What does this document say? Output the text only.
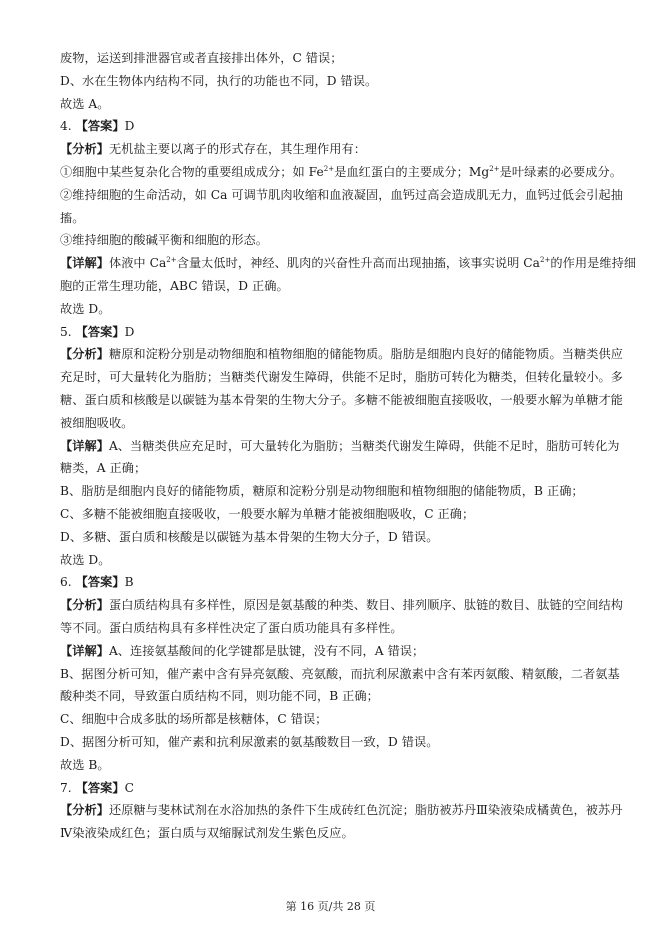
废物，运送到排泄器官或者直接排出体外，C 错误；
D、水在生物体内结构不同，执行的功能也不同，D 错误。
故选 A。
4. 【答案】D
【分析】无机盐主要以离子的形式存在，其生理作用有：
①细胞中某些复杂化合物的重要组成成分；如 $Fe^{2+}$是血红蛋白的主要成分；$Mg^{2+}$是叶绿素的必要成分。
②维持细胞的生命活动，如 Ca 可调节肌肉收缩和血液凝固，血钙过高会造成肌无力，血钙过低会引起抽
搐。
③维持细胞的酸碱平衡和细胞的形态。
【详解】体液中 $Ca^{2+}$含量太低时，神经、肌肉的兴奋性升高而出现抽搐，该事实说明 $Ca^{2+}$的作用是维持细
胞的正常生理功能，ABC 错误，D 正确。
故选 D。
5. 【答案】D
【分析】糖原和淀粉分别是动物细胞和植物细胞的储能物质。脂肪是细胞内良好的储能物质。当糖类供应
充足时，可大量转化为脂肪；当糖类代谢发生障碍，供能不足时，脂肪可转化为糖类，但转化量较小。多
糖、蛋白质和核酸是以碳链为基本骨架的生物大分子。多糖不能被细胞直接吸收，一般要水解为单糖才能
被细胞吸收。
【详解】A、当糖类供应充足时，可大量转化为脂肪；当糖类代谢发生障碍，供能不足时，脂肪可转化为
糖类，A 正确；
B、脂肪是细胞内良好的储能物质，糖原和淀粉分别是动物细胞和植物细胞的储能物质，B 正确；
C、多糖不能被细胞直接吸收，一般要水解为单糖才能被细胞吸收，C 正确；
D、多糖、蛋白质和核酸是以碳链为基本骨架的生物大分子，D 错误。
故选 D。
6. 【答案】B
【分析】蛋白质结构具有多样性，原因是氨基酸的种类、数目、排列顺序、肽链的数目、肽链的空间结构
等不同。蛋白质结构具有多样性决定了蛋白质功能具有多样性。
【详解】A、连接氨基酸间的化学键都是肽键，没有不同，A 错误；
B、据图分析可知，催产素中含有异亮氨酸、亮氨酸，而抗利尿激素中含有苯丙氨酸、精氨酸，二者氨基
酸种类不同，导致蛋白质结构不同，则功能不同，B 正确；
C、细胞中合成多肽的场所都是核糖体，C 错误；
D、据图分析可知，催产素和抗利尿激素的氨基酸数目一致，D 错误。
故选 B。
7. 【答案】C
【分析】还原糖与斐林试剂在水浴加热的条件下生成砖红色沉淀；脂肪被苏丹Ⅲ染液染成橘黄色，被苏丹
Ⅳ染液染成红色；蛋白质与双缩脲试剂发生紫色反应。
第 16 页/共 28 页
